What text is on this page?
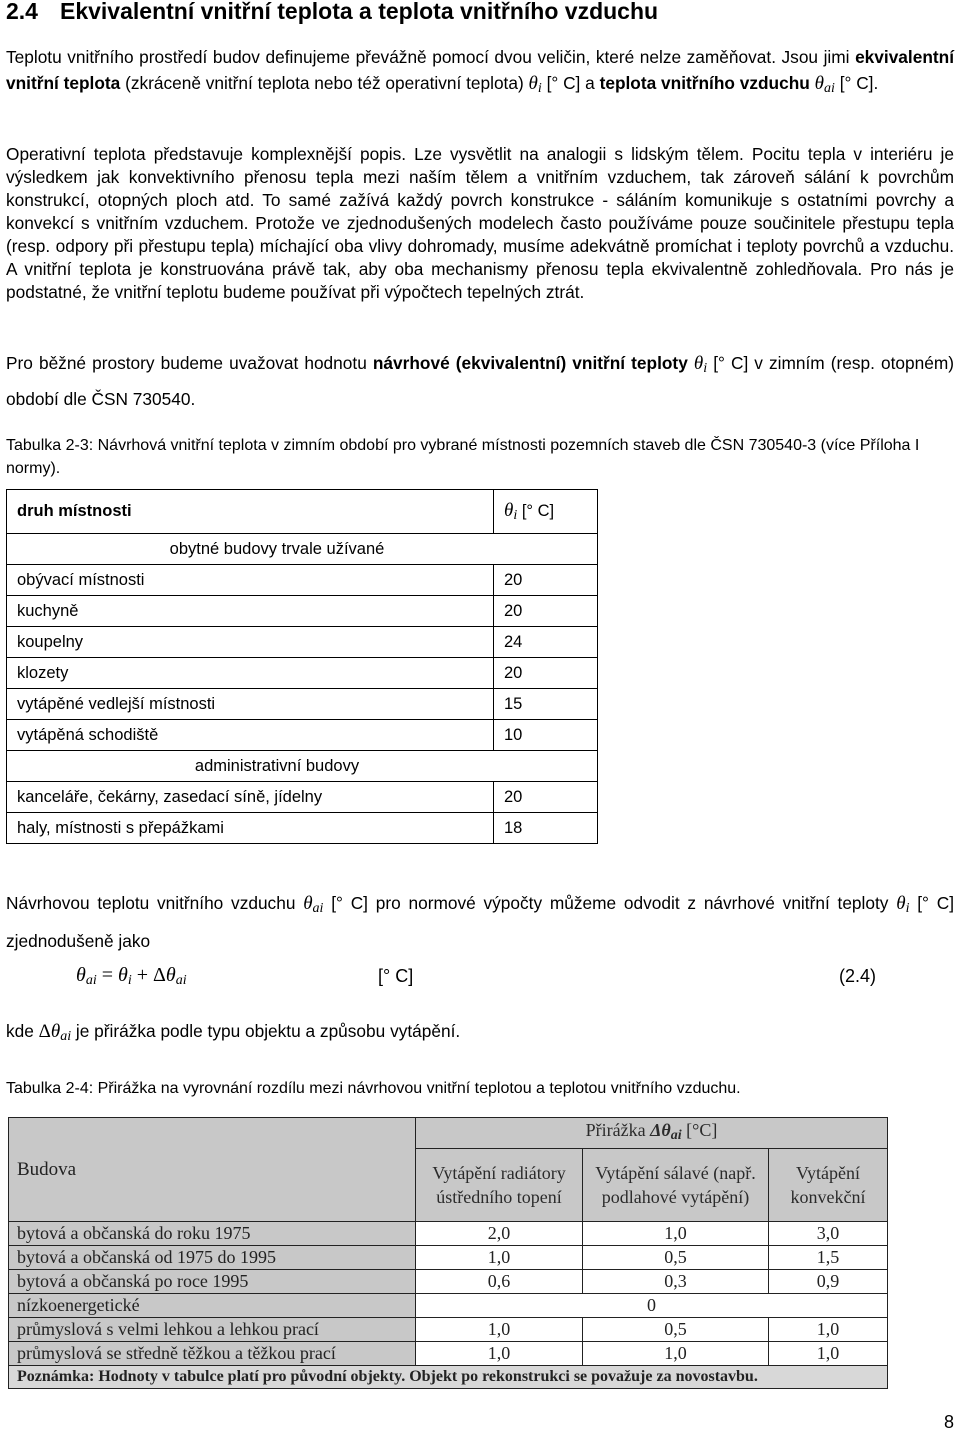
2.4 Ekvivalentní vnitřní teplota a teplota vnitřního vzduchu
Teplotu vnitřního prostředí budov definujeme převážně pomocí dvou veličin, které nelze zaměňovat. Jsou jimi ekvivalentní vnitřní teplota (zkráceně vnitřní teplota nebo též operativní teplota) $\theta_i$ [° C] a teplota vnitřního vzduchu $\theta_{ai}$ [° C].
Operativní teplota představuje komplexnější popis. Lze vysvětlit na analogii s lidským tělem. Pocitu tepla v interiéru je výsledkem jak konvektivního přenosu tepla mezi naším tělem a vnitřním vzduchem, tak zároveň sálání k povrchům konstrukcí, otopných ploch atd. To samé zažívá každý povrch konstrukce - sáláním komunikuje s ostatními povrchy a konvekcí s vnitřním vzduchem. Protože ve zjednodušených modelech často používáme pouze součinitele přestupu tepla (resp. odpory při přestupu tepla) míchající oba vlivy dohromady, musíme adekvátně promíchat i teploty povrchů a vzduchu. A vnitřní teplota je konstruována právě tak, aby oba mechanismy přenosu tepla ekvivalentně zohledňovala. Pro nás je podstatné, že vnitřní teplotu budeme používat při výpočtech tepelných ztrát.
Pro běžné prostory budeme uvažovat hodnotu návrhové (ekvivalentní) vnitřní teploty $\theta_i$ [° C] v zimním (resp. otopném) období dle ČSN 730540.
Tabulka 2-3: Návrhová vnitřní teplota v zimním období pro vybrané místnosti pozemních staveb dle ČSN 730540-3 (více Příloha I normy).
druh místnosti	$\theta_i$ [° C]
obytné budovy trvale užívané	
obývací místnosti	20
kuchyně	20
koupelny	24
klozety	20
vytápěné vedlejší místnosti	15
vytápěná schodiště	10
administrativní budovy	
kanceláře, čekárny, zasedací síně, jídelny	20
haly, místnosti s přepážkami	18
Návrhovou teplotu vnitřního vzduchu $\theta_{ai}$ [° C] pro normové výpočty můžeme odvodit z návrhové vnitřní teploty $\theta_i$ [° C] zjednodušeně jako
$\theta_{ai} = \theta_i + \Delta\theta_{ai}$	[° C]	(2.4)
kde $\Delta\theta_{ai}$ je přirážka podle typu objektu a způsobu vytápění.
Tabulka 2-4: Přirážka na vyrovnání rozdílu mezi návrhovou vnitřní teplotou a teplotou vnitřního vzduchu.
Budova	Přirážka $\Delta\theta_{ai}$ [°C]		
	Vytápění radiátory ústředního topení	Vytápění sálavé (např. podlahové vytápění)	Vytápění konvekční
bytová a občanská do roku 1975	2,0	1,0	3,0
bytová a občanská od 1975 do 1995	1,0	0,5	1,5
bytová a občanská po roce 1995	0,6	0,3	0,9
nízkoenergetické	0		
průmyslová s velmi lehkou a lehkou prací	1,0	0,5	1,0
průmyslová se středně těžkou a těžkou prací	1,0	1,0	1,0
Poznámka: Hodnoty v tabulce platí pro původní objekty. Objekt po rekonstrukci se považuje za novostavbu.			
8
